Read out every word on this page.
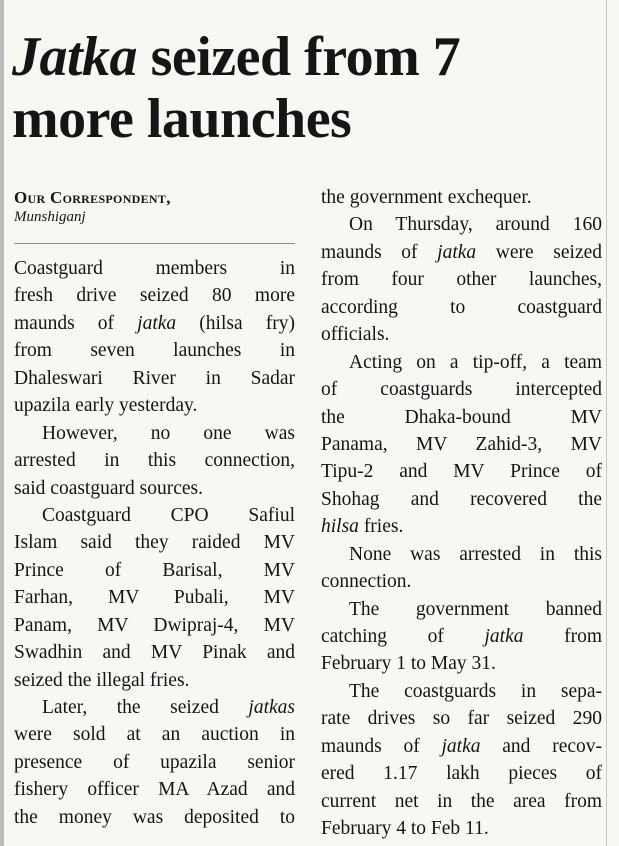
Jatka seized from 7
more launches
Our Correspondent,
Munshiganj
Coastguard members in
fresh drive seized 80 more
maunds of jatka (hilsa fry)
from seven launches in
Dhaleswari River in Sadar
upazila early yesterday.
However, no one was
arrested in this connection,
said coastguard sources.
Coastguard CPO Safiul
Islam said they raided MV
Prince of Barisal, MV
Farhan, MV Pubali, MV
Panam, MV Dwipraj-4, MV
Swadhin and MV Pinak and
seized the illegal fries.
Later, the seized jatkas
were sold at an auction in
presence of upazila senior
fishery officer MA Azad and
the money was deposited to
the government exchequer.
On Thursday, around 160
maunds of jatka were seized
from four other launches,
according to coastguard
officials.
Acting on a tip-off, a team
of coastguards intercepted
the Dhaka-bound MV
Panama, MV Zahid-3, MV
Tipu-2 and MV Prince of
Shohag and recovered the
hilsa fries.
None was arrested in this
connection.
The government banned
catching of jatka from
February 1 to May 31.
The coastguards in sepa-
rate drives so far seized 290
maunds of jatka and recov-
ered 1.17 lakh pieces of
current net in the area from
February 4 to Feb 11.
